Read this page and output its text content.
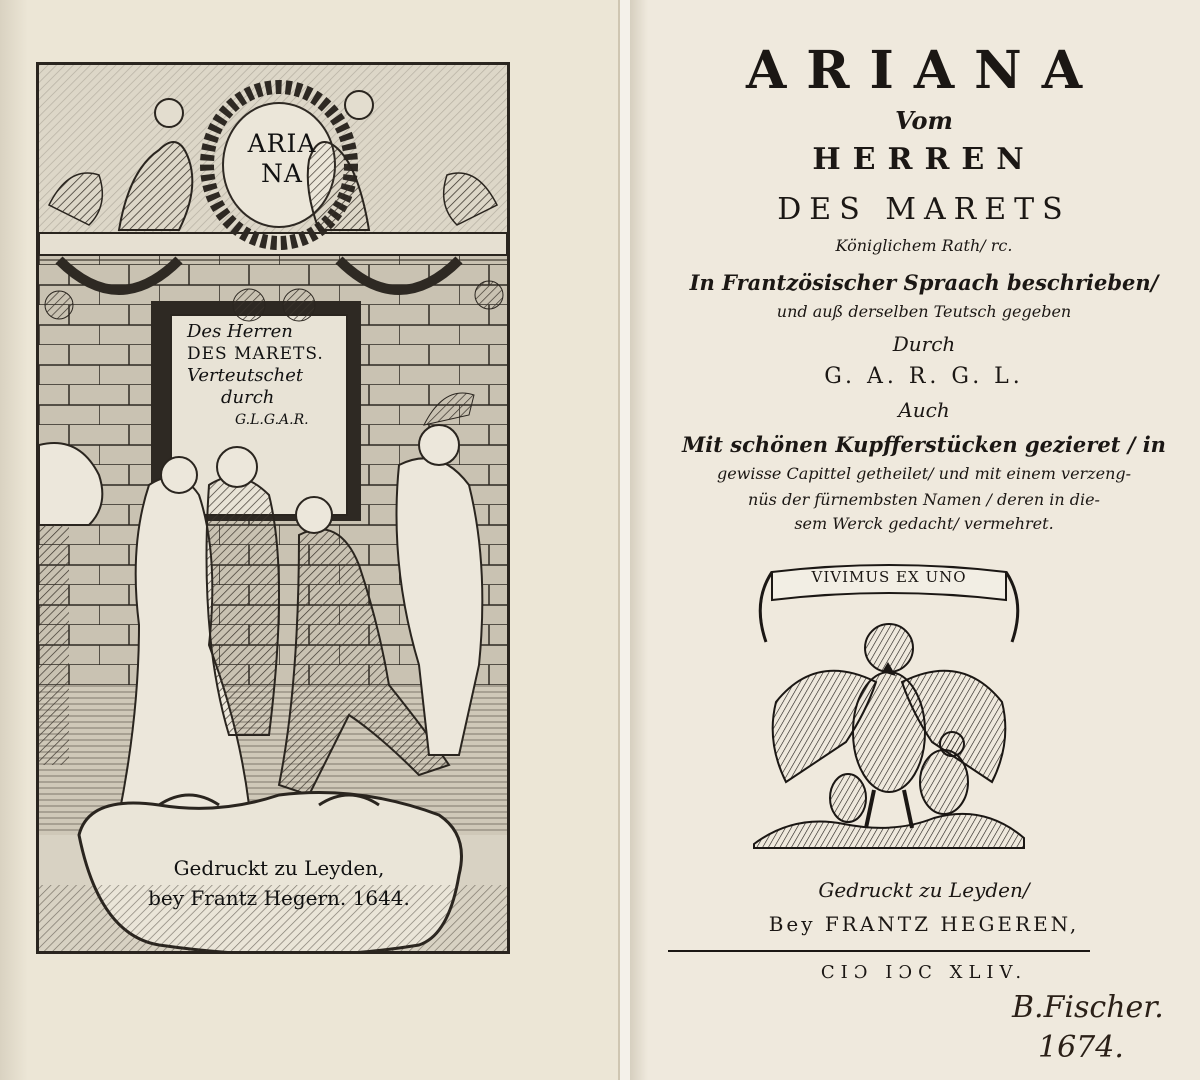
ARIA
NA
Des Herren
DES MARETS.
Verteutschet
durch
G.L.G.A.R.
Gedruckt zu Leyden,
bey Frantz Hegern. 1644.
ARIANA
Vom
HERREN
DES MARETS
Königlichem Rath/ rc.
In Frantzösischer Spraach beschrieben/
und auß derselben Teutsch gegeben
Durch
G. A. R. G. L.
Auch
Mit schönen Kupfferstücken gezieret / in
gewisse Capittel getheilet/ und mit einem verzeng-
nüs der fürnembsten Namen / deren in die-
sem Werck gedacht/ vermehret.
VIVIMUS EX UNO
Gedruckt zu Leyden/
Bey FRANTZ HEGEREN,
CIƆ IƆC XLIV.
B.Fischer.
1674.
